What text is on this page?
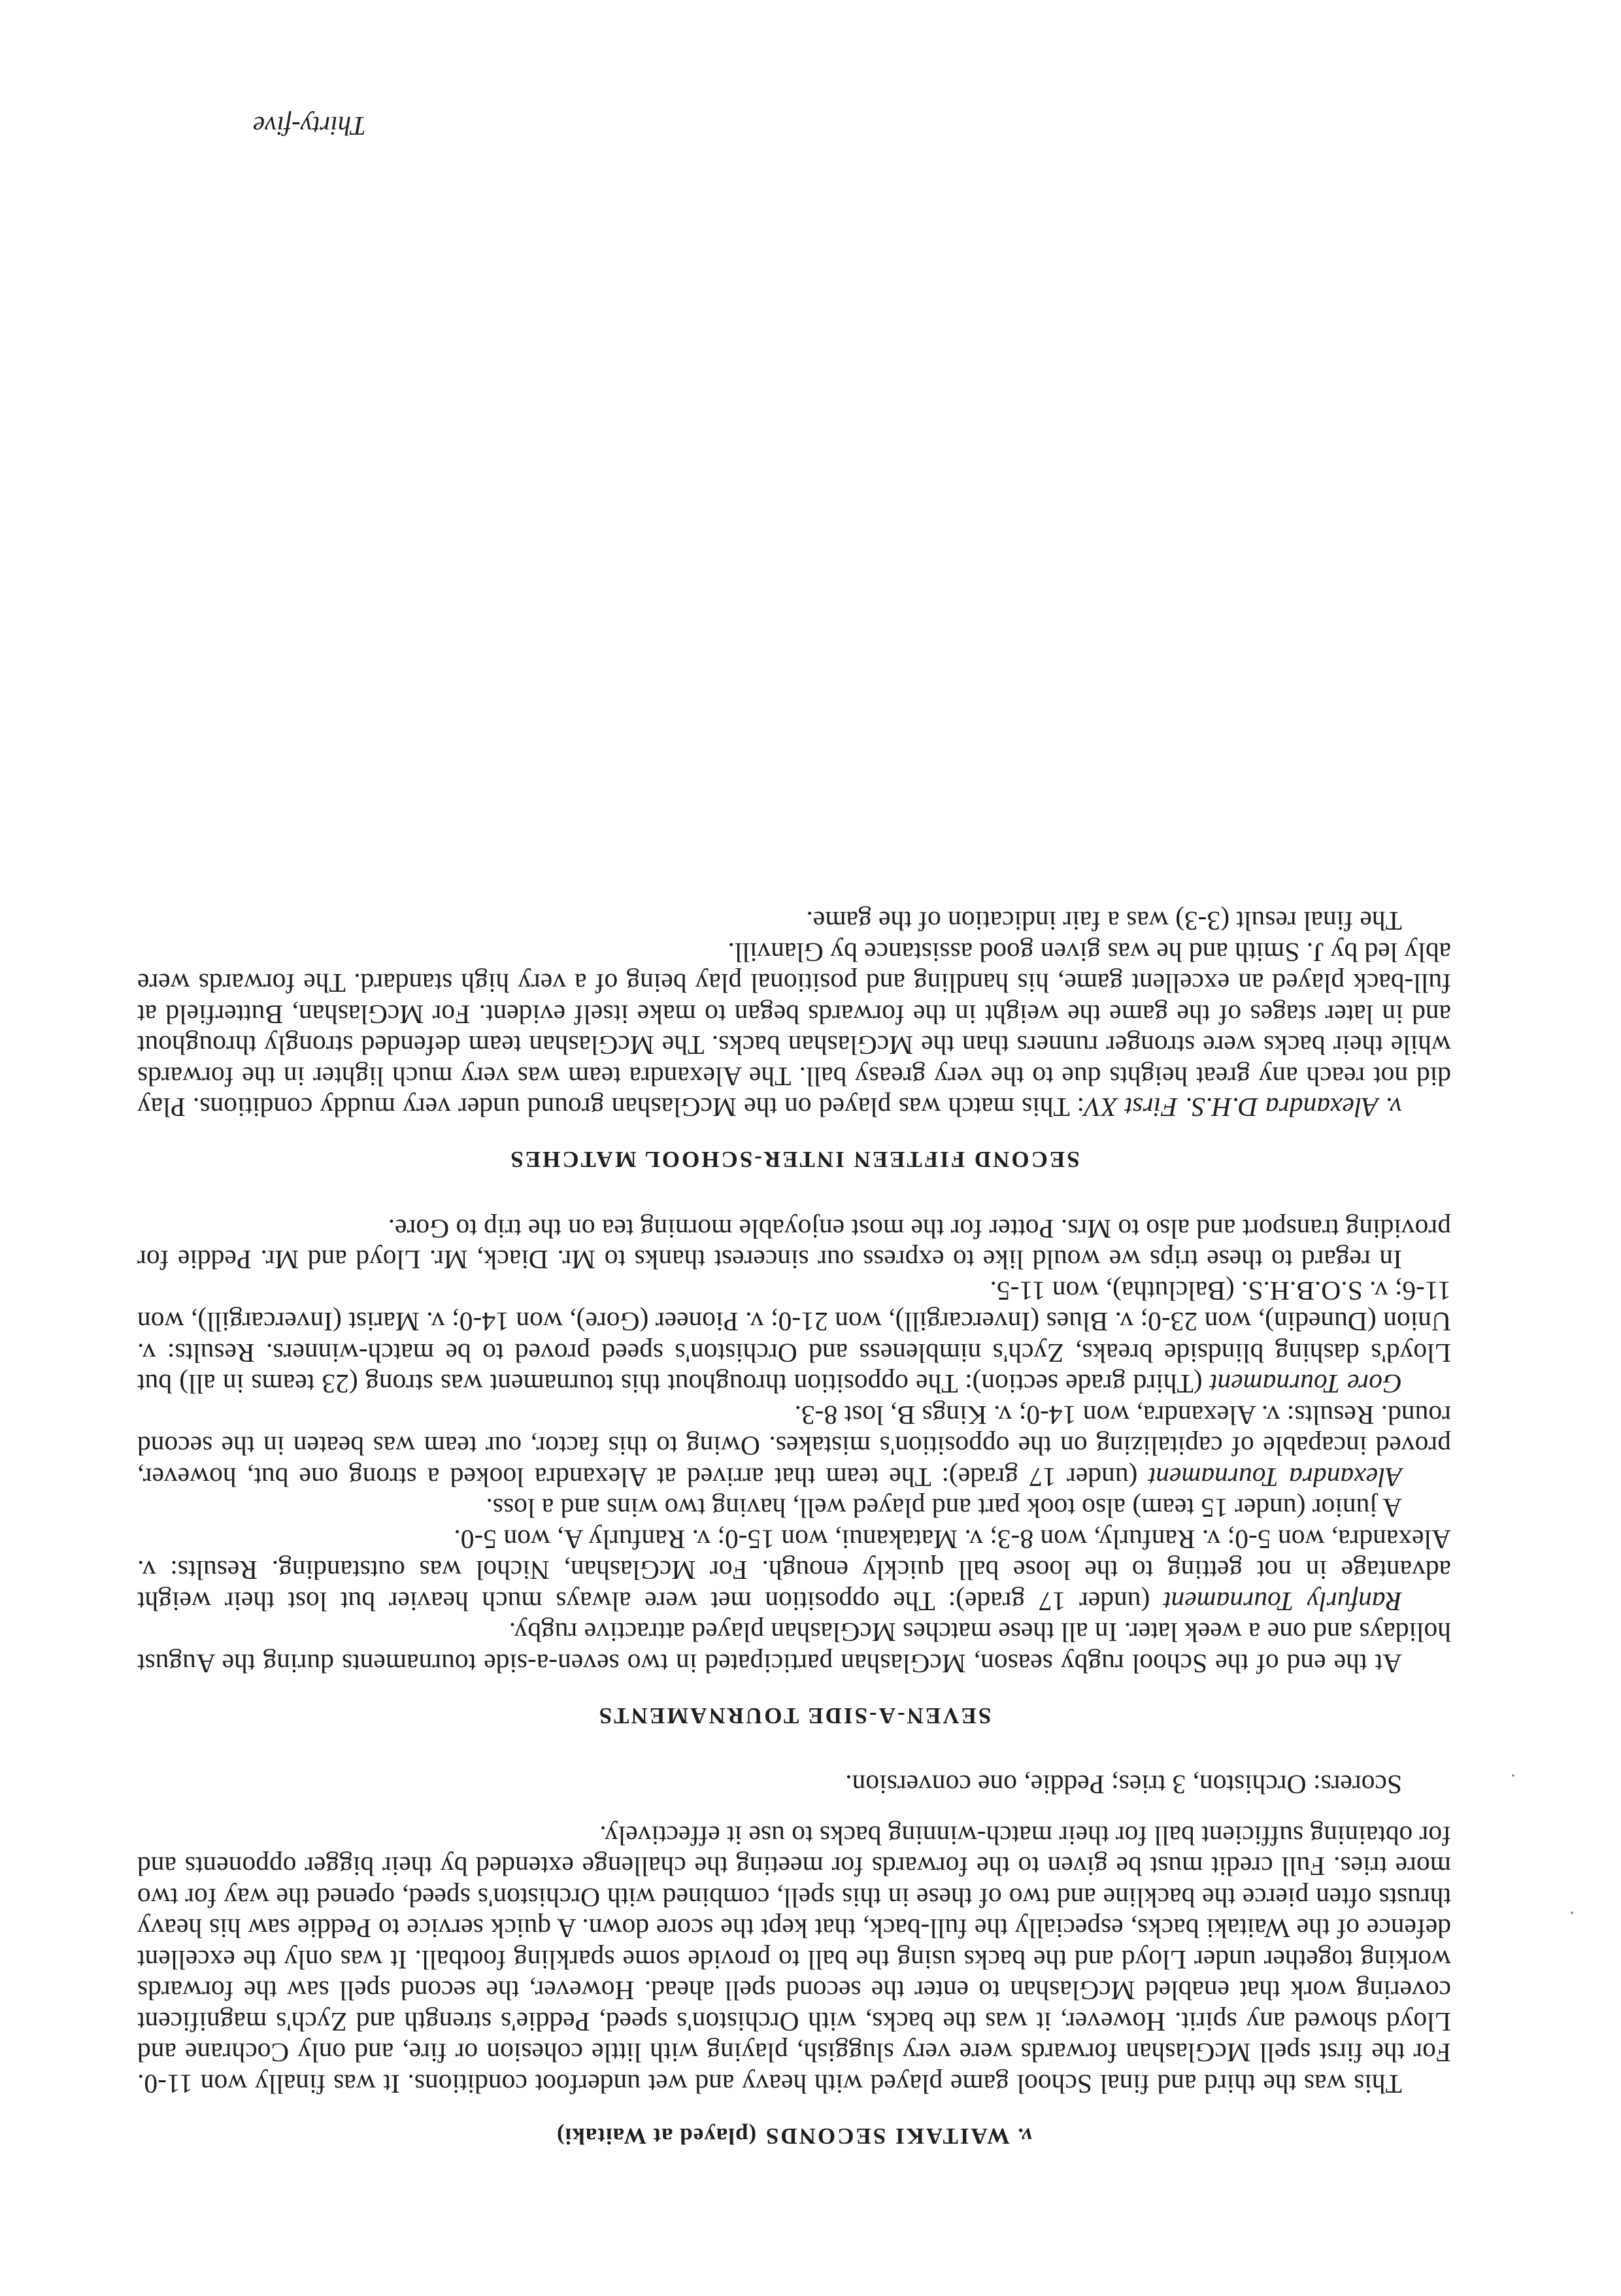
v. WAITAKI SECONDS (played at Waitaki)

This was the third and final School game played with heavy and wet underfoot conditions. It was finally won 11-0. For the first spell McGlashan forwards were very sluggish, playing with little cohesion or fire, and only Cochrane and Lloyd showed any spirit. However, it was the backs, with Orchiston's speed, Peddie's strength and Zych's magnificent covering work that enabled McGlashan to enter the second spell ahead. However, the second spell saw the forwards working together under Lloyd and the backs using the ball to provide some sparkling football. It was only the excellent defence of the Waitaki backs, especially the full-back, that kept the score down. A quick service to Peddie saw his heavy thrusts often pierce the backline and two of these in this spell, combined with Orchiston's speed, opened the way for two more tries. Full credit must be given to the forwards for meeting the challenge extended by their bigger opponents and for obtaining sufficient ball for their match-winning backs to use it effectively.

Scorers: Orchiston, 3 tries; Peddie, one conversion.

SEVEN-A-SIDE TOURNAMENTS

At the end of the School rugby season, McGlashan participated in two seven-a-side tournaments during the August holidays and one a week later. In all these matches McGlashan played attractive rugby.

Ranfurly Tournament (under 17 grade): The opposition met were always much heavier but lost their weight advantage in not getting to the loose ball quickly enough. For McGlashan, Nichol was outstanding. Results: v. Alexandra, won 5-0; v. Ranfurly, won 8-3; v. Matakanui, won 15-0; v. Ranfurly A, won 5-0.

A junior (under 15 team) also took part and played well, having two wins and a loss.

Alexandra Tournament (under 17 grade): The team that arrived at Alexandra looked a strong one but, however, proved incapable of capitalizing on the opposition's mistakes. Owing to this factor, our team was beaten in the second round. Results: v. Alexandra, won 14-0; v. Kings B, lost 8-3.

Gore Tournament (Third grade section): The opposition throughout this tournament was strong (23 teams in all) but Lloyd's dashing blindside breaks, Zych's nimbleness and Orchiston's speed proved to be match-winners. Results: v. Union (Dunedin), won 23-0; v. Blues (Invercargill), won 21-0; v. Pioneer (Gore), won 14-0; v. Marist (Invercargill), won 11-6; v. S.O.B.H.S. (Balclutha), won 11-5.

In regard to these trips we would like to express our sincerest thanks to Mr. Diack, Mr. Lloyd and Mr. Peddie for providing transport and also to Mrs. Potter for the most enjoyable morning tea on the trip to Gore.

SECOND FIFTEEN INTER-SCHOOL MATCHES

v. Alexandra D.H.S. First XV: This match was played on the McGlashan ground under very muddy conditions. Play did not reach any great heights due to the very greasy ball. The Alexandra team was very much lighter in the forwards while their backs were stronger runners than the McGlashan backs. The McGlashan team defended strongly throughout and in later stages of the game the weight in the forwards began to make itself evident. For McGlashan, Butterfield at full-back played an excellent game, his handling and positional play being of a very high standard. The forwards were ably led by J. Smith and he was given good assistance by Glanvill.

The final result (3-3) was a fair indication of the game.

Thirty-five
·
·
